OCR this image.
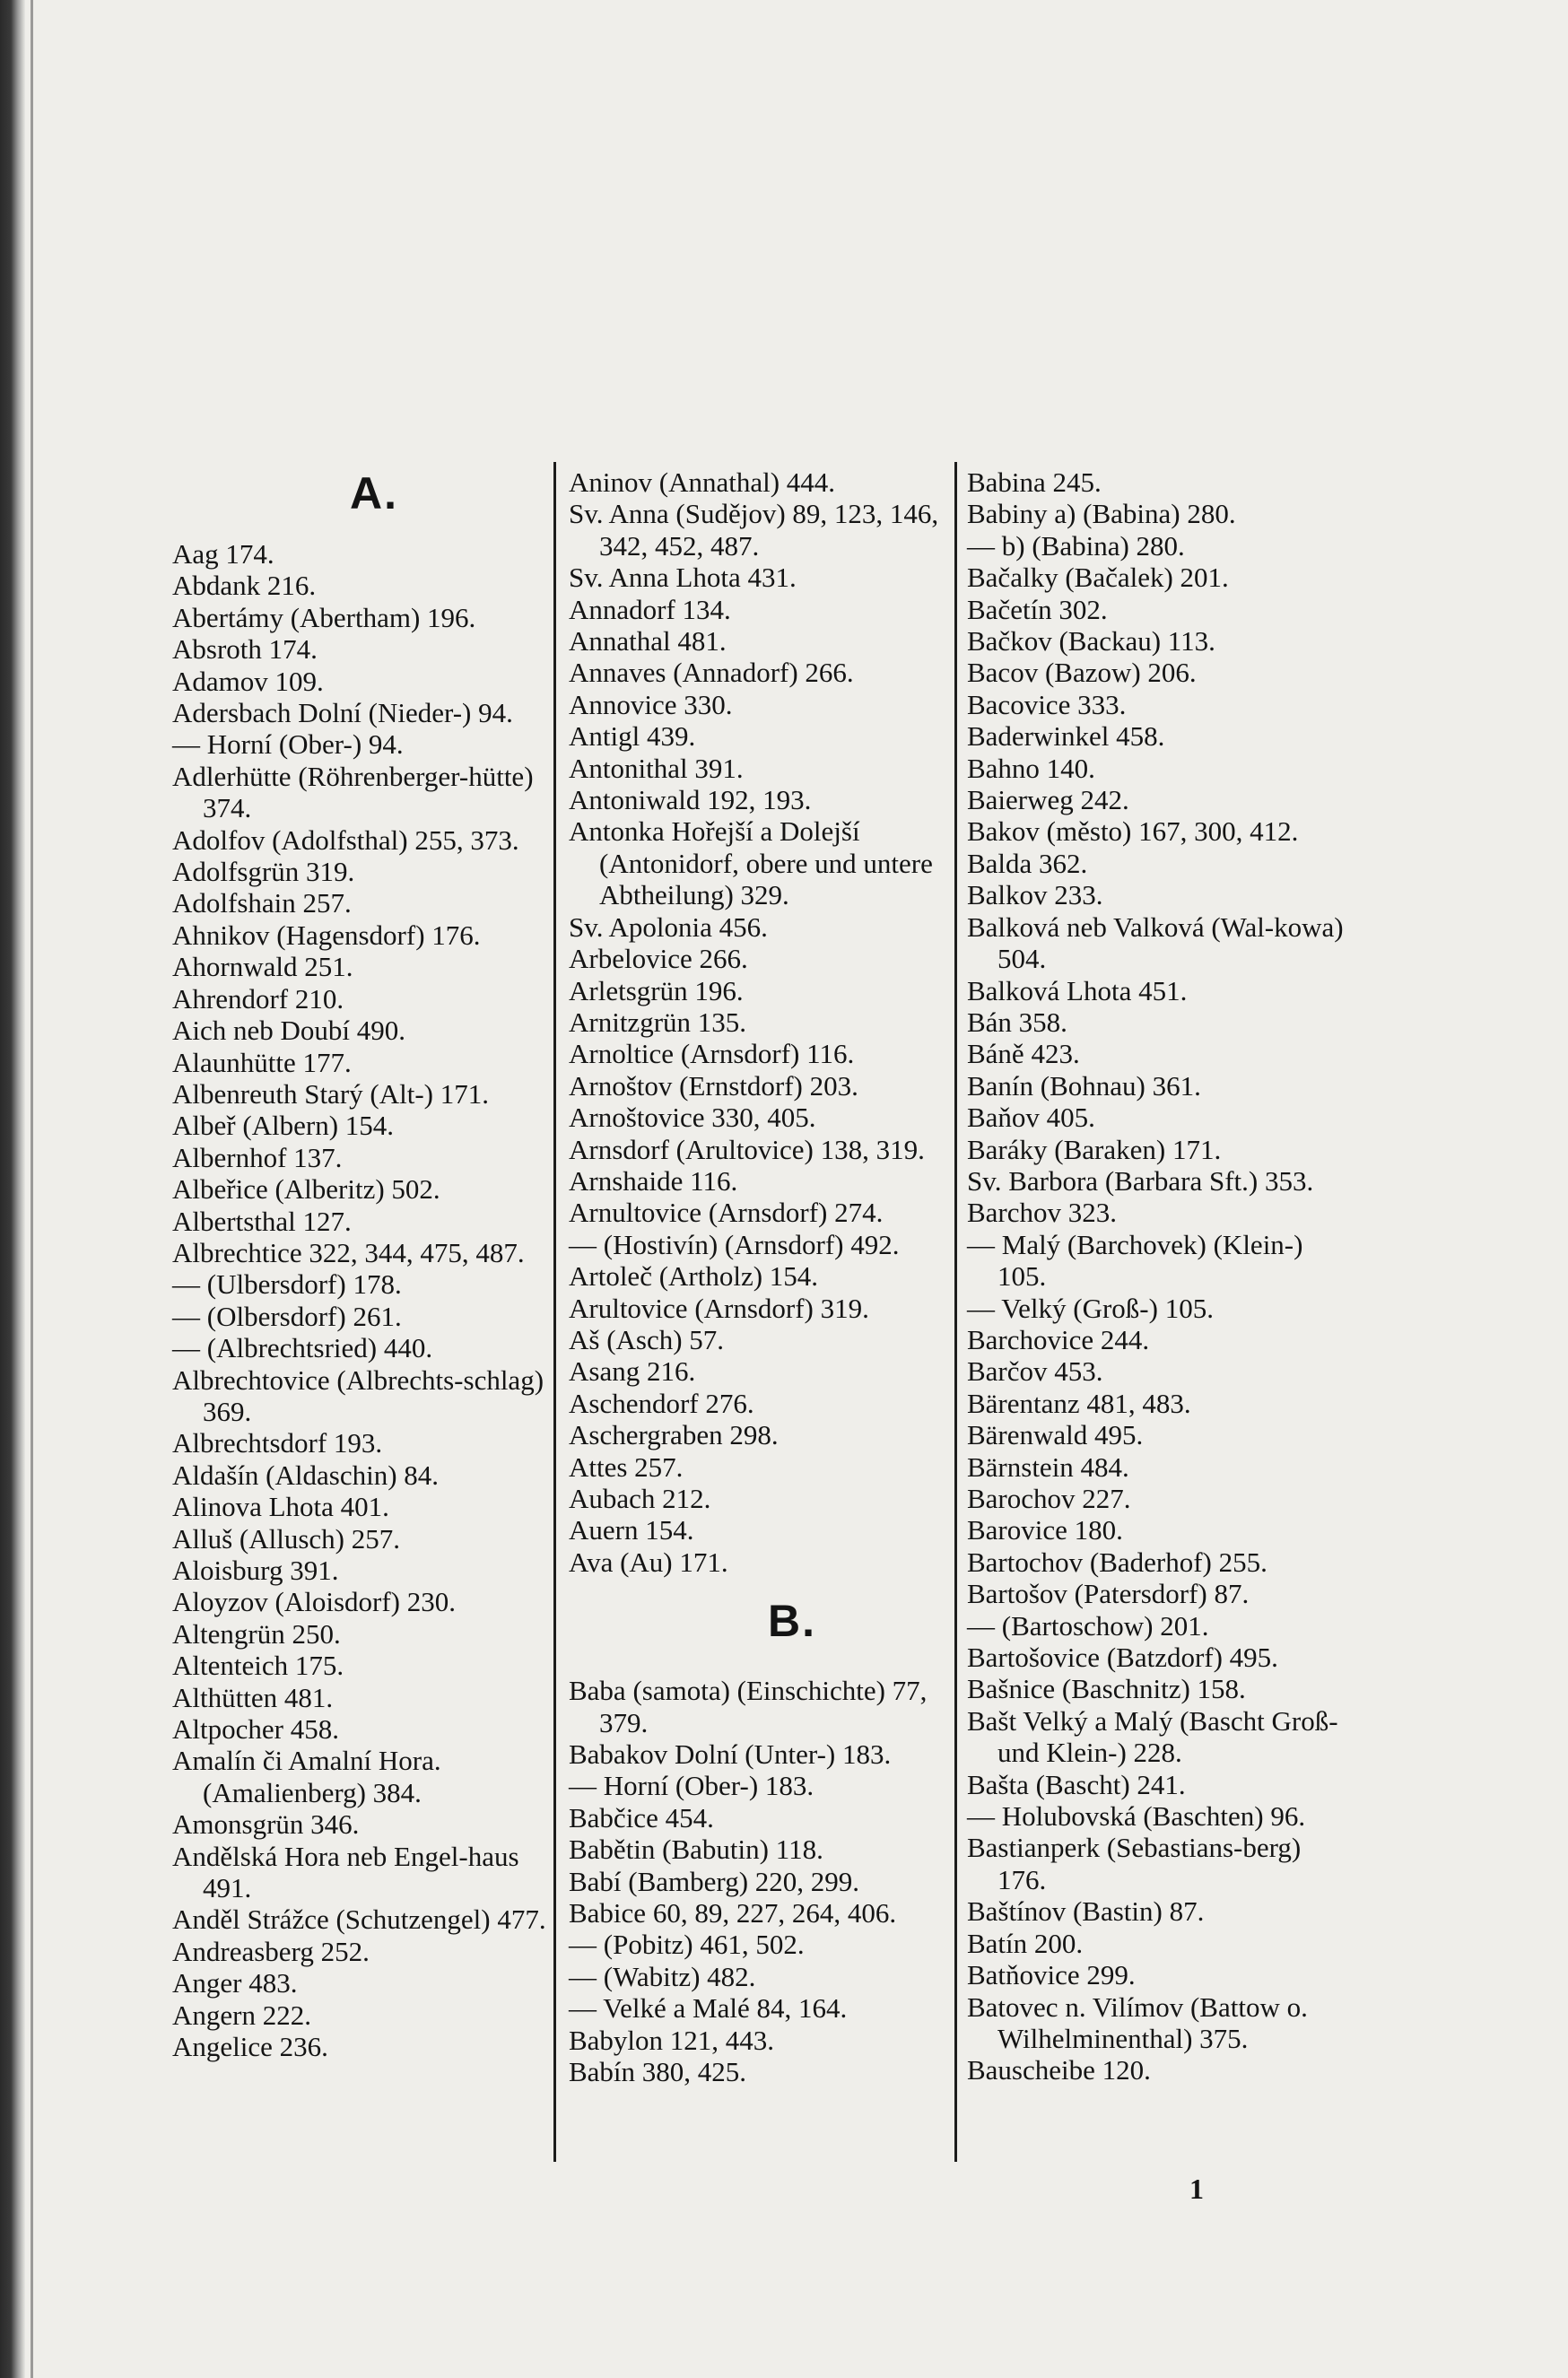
A.
Aag 174.
Abdank 216.
Abertámy (Abertham) 196.
Absroth 174.
Adamov 109.
Adersbach Dolní (Nieder-) 94.
— Horní (Ober-) 94.
Adlerhütte (Röhrenberger-hütte) 374.
Adolfov (Adolfsthal) 255, 373.
Adolfsgrün 319.
Adolfshain 257.
Ahnikov (Hagensdorf) 176.
Ahornwald 251.
Ahrendorf 210.
Aich neb Doubí 490.
Alaunhütte 177.
Albenreuth Starý (Alt-) 171.
Albeř (Albern) 154.
Albernhof 137.
Albeřice (Alberitz) 502.
Albertsthal 127.
Albrechtice 322, 344, 475, 487.
— (Ulbersdorf) 178.
— (Olbersdorf) 261.
— (Albrechtsried) 440.
Albrechtovice (Albrechts-schlag) 369.
Albrechtsdorf 193.
Aldašín (Aldaschin) 84.
Alinova Lhota 401.
Alluš (Allusch) 257.
Aloisburg 391.
Aloyzov (Aloisdorf) 230.
Altengrün 250.
Altenteich 175.
Althütten 481.
Altpocher 458.
Amalín či Amalní Hora. (Amalienberg) 384.
Amonsgrün 346.
Andělská Hora neb Engel-haus 491.
Anděl Strážce (Schutzengel) 477.
Andreasberg 252.
Anger 483.
Angern 222.
Angelice 236.
Aninov (Annathal) 444.
Sv. Anna (Sudějov) 89, 123, 146, 342, 452, 487.
Sv. Anna Lhota 431.
Annadorf 134.
Annathal 481.
Annaves (Annadorf) 266.
Annovice 330.
Antigl 439.
Antonithal 391.
Antoniwald 192, 193.
Antonka Hořejší a Dolejší (Antonidorf, obere und untere Abtheilung) 329.
Sv. Apolonia 456.
Arbelovice 266.
Arletsgrün 196.
Arnitzgrün 135.
Arnoltice (Arnsdorf) 116.
Arnoštov (Ernstdorf) 203.
Arnoštovice 330, 405.
Arnsdorf (Arultovice) 138, 319.
Arnshaide 116.
Arnultovice (Arnsdorf) 274.
— (Hostivín) (Arnsdorf) 492.
Artoleč (Artholz) 154.
Arultovice (Arnsdorf) 319.
Aš (Asch) 57.
Asang 216.
Aschendorf 276.
Aschergraben 298.
Attes 257.
Aubach 212.
Auern 154.
Ava (Au) 171.
B.
Baba (samota) (Einschichte) 77, 379.
Babakov Dolní (Unter-) 183.
— Horní (Ober-) 183.
Babčice 454.
Babětin (Babutin) 118.
Babí (Bamberg) 220, 299.
Babice 60, 89, 227, 264, 406.
— (Pobitz) 461, 502.
— (Wabitz) 482.
— Velké a Malé 84, 164.
Babylon 121, 443.
Babín 380, 425.
Babina 245.
Babiny a) (Babina) 280.
— b) (Babina) 280.
Bačalky (Bačalek) 201.
Bačetín 302.
Bačkov (Backau) 113.
Bacov (Bazow) 206.
Bacovice 333.
Baderwinkel 458.
Bahno 140.
Baierweg 242.
Bakov (město) 167, 300, 412.
Balda 362.
Balkov 233.
Balková neb Valková (Wal-kowa) 504.
Balková Lhota 451.
Bán 358.
Báně 423.
Banín (Bohnau) 361.
Baňov 405.
Baráky (Baraken) 171.
Sv. Barbora (Barbara Sft.) 353.
Barchov 323.
— Malý (Barchovek) (Klein-) 105.
— Velký (Groß-) 105.
Barchovice 244.
Barčov 453.
Bärentanz 481, 483.
Bärenwald 495.
Bärnstein 484.
Barochov 227.
Barovice 180.
Bartochov (Baderhof) 255.
Bartošov (Patersdorf) 87.
— (Bartoschow) 201.
Bartošovice (Batzdorf) 495.
Bašnice (Baschnitz) 158.
Bašt Velký a Malý (Bascht Groß- und Klein-) 228.
Bašta (Bascht) 241.
— Holubovská (Baschten) 96.
Bastianperk (Sebastians-berg) 176.
Baštínov (Bastin) 87.
Batín 200.
Batňovice 299.
Batovec n. Vilímov (Battow o. Wilhelminenthal) 375.
Bauscheibe 120.
1
